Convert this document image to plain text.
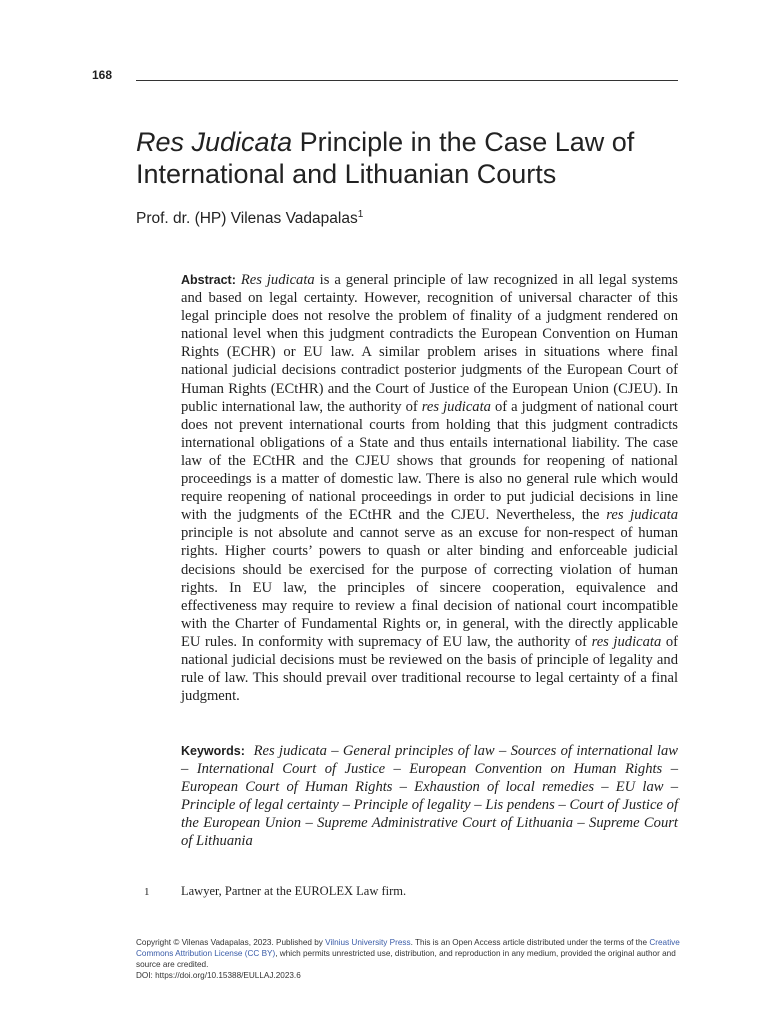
168
Res Judicata Principle in the Case Law of International and Lithuanian Courts
Prof. dr. (HP) Vilenas Vadapalas$^1$

Abstract: Res judicata is a general principle of law recognized in all legal systems and based on legal certainty. However, recognition of universal character of this legal principle does not resolve the problem of finality of a judgment rendered on national level when this judgment contradicts the European Convention on Human Rights (ECHR) or EU law. A similar problem arises in situations where final national judicial decisions contradict posterior judgments of the European Court of Human Rights (ECtHR) and the Court of Justice of the European Union (CJEU). In public international law, the authority of res judicata of a judgment of national court does not prevent international courts from holding that this judgment contradicts international obligations of a State and thus entails international liability. The case law of the ECtHR and the CJEU shows that grounds for reopening of national proceedings is a matter of domestic law. There is also no general rule which would require reopening of national proceedings in order to put judicial decisions in line with the judgments of the ECtHR and the CJEU. Nevertheless, the res judicata principle is not absolute and cannot serve as an excuse for non-respect of human rights. Higher courts’ powers to quash or alter binding and enforceable judicial decisions should be exercised for the purpose of correcting violation of human rights. In EU law, the principles of sincere cooperation, equivalence and effectiveness may require to review a final decision of national court incompatible with the Charter of Fundamental Rights or, in general, with the directly applicable EU rules. In conformity with supremacy of EU law, the authority of res judicata of national judicial decisions must be reviewed on the basis of principle of legality and rule of law. This should prevail over traditional recourse to legal certainty of a final judgment.

Keywords: Res judicata – General principles of law – Sources of international law – International Court of Justice – European Convention on Human Rights – European Court of Human Rights – Exhaustion of local remedies – EU law – Principle of legal certainty – Principle of legality – Lis pendens – Court of Justice of the European Union – Supreme Administrative Court of Lithuania – Supreme Court of Lithuania

1	Lawyer, Partner at the EUROLEX Law firm.

Copyright © Vilenas Vadapalas, 2023. Published by Vilnius University Press. This is an Open Access article distributed under the terms of the Creative Commons Attribution License (CC BY), which permits unrestricted use, distribution, and reproduction in any medium, provided the original author and source are credited.
DOI: https://doi.org/10.15388/EULLAJ.2023.6
